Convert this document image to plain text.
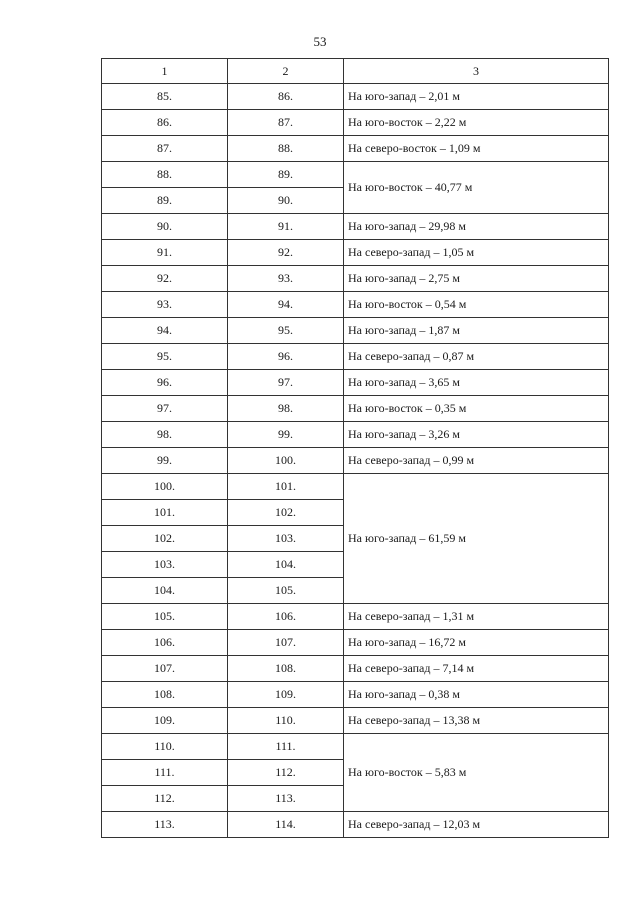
53
1	2	3
85.	86.	На юго-запад – 2,01 м
86.	87.	На юго-восток – 2,22 м
87.	88.	На северо-восток – 1,09 м
88.	89.	На юго-восток – 40,77 м
89.	90.	
90.	91.	На юго-запад – 29,98 м
91.	92.	На северо-запад – 1,05 м
92.	93.	На юго-запад – 2,75 м
93.	94.	На юго-восток – 0,54 м
94.	95.	На юго-запад – 1,87 м
95.	96.	На северо-запад – 0,87 м
96.	97.	На юго-запад – 3,65 м
97.	98.	На юго-восток – 0,35 м
98.	99.	На юго-запад – 3,26 м
99.	100.	На северо-запад – 0,99 м
100.	101.	На юго-запад – 61,59 м
101.	102.	
102.	103.	
103.	104.	
104.	105.	
105.	106.	На северо-запад – 1,31 м
106.	107.	На юго-запад – 16,72 м
107.	108.	На северо-запад – 7,14 м
108.	109.	На юго-запад – 0,38 м
109.	110.	На северо-запад – 13,38 м
110.	111.	На юго-восток – 5,83 м
111.	112.	
112.	113.	
113.	114.	На северо-запад – 12,03 м
